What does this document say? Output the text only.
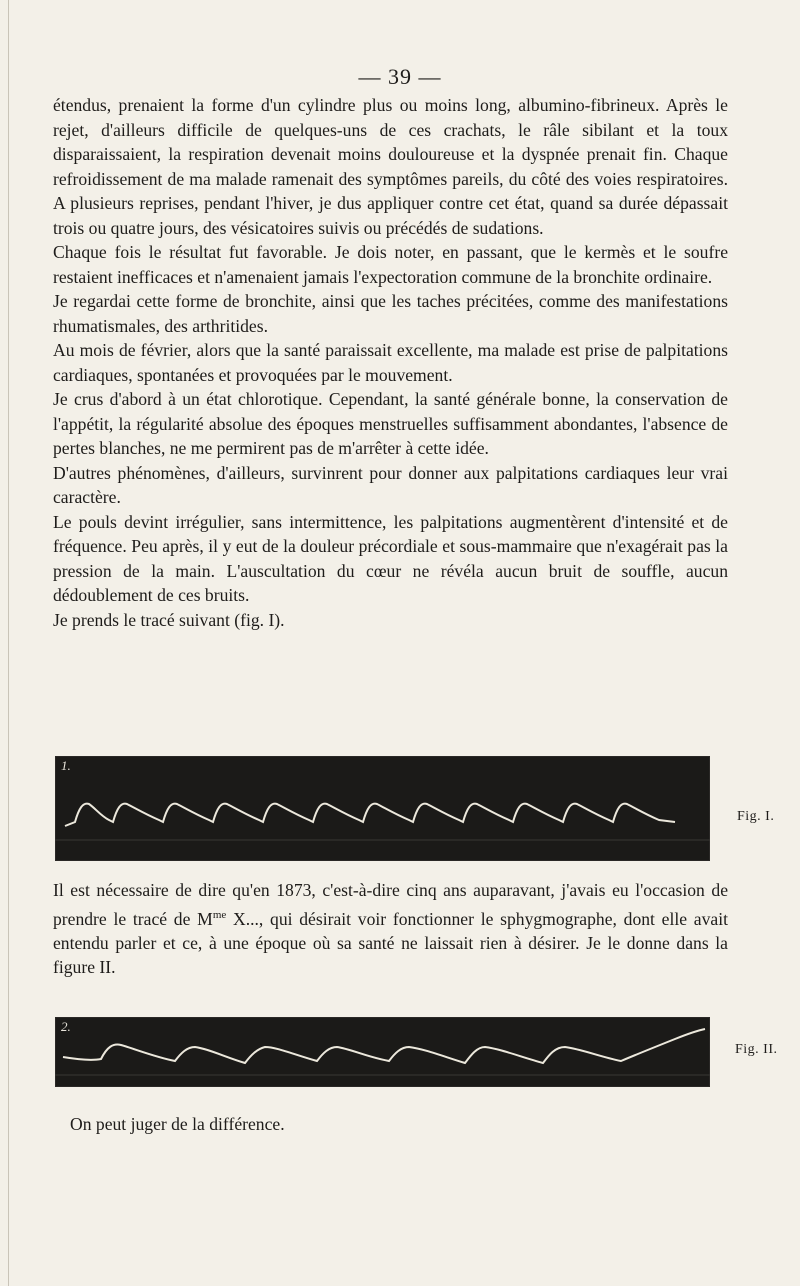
— 39 —

étendus, prenaient la forme d'un cylindre plus ou moins long, albumino-fibrineux. Après le rejet, d'ailleurs difficile de quelques-uns de ces crachats, le râle sibilant et la toux disparaissaient, la respiration devenait moins douloureuse et la dyspnée prenait fin. Chaque refroidissement de ma malade ramenait des symptômes pareils, du côté des voies respiratoires. A plusieurs reprises, pendant l'hiver, je dus appliquer contre cet état, quand sa durée dépassait trois ou quatre jours, des vésicatoires suivis ou précédés de sudations.

Chaque fois le résultat fut favorable. Je dois noter, en passant, que le kermès et le soufre restaient inefficaces et n'amenaient jamais l'expectoration commune de la bronchite ordinaire.

Je regardai cette forme de bronchite, ainsi que les taches précitées, comme des manifestations rhumatismales, des arthritides.

Au mois de février, alors que la santé paraissait excellente, ma malade est prise de palpitations cardiaques, spontanées et provoquées par le mouvement.

Je crus d'abord à un état chlorotique. Cependant, la santé générale bonne, la conservation de l'appétit, la régularité absolue des époques menstruelles suffisamment abondantes, l'absence de pertes blanches, ne me permirent pas de m'arrêter à cette idée.

D'autres phénomènes, d'ailleurs, survinrent pour donner aux palpitations cardiaques leur vrai caractère.

Le pouls devint irrégulier, sans intermittence, les palpitations augmentèrent d'intensité et de fréquence. Peu après, il y eut de la douleur précordiale et sous-mammaire que n'exagérait pas la pression de la main. L'auscultation du cœur ne révéla aucun bruit de souffle, aucun dédoublement de ces bruits.

Je prends le tracé suivant (fig. I).

1.
Fig. I.
Il est nécessaire de dire qu'en 1873, c'est-à-dire cinq ans auparavant, j'avais eu l'occasion de prendre le tracé de $M^{me}$ X..., qui désirait voir fonctionner le sphygmographe, dont elle avait entendu parler et ce, à une époque où sa santé ne laissait rien à désirer. Je le donne dans la figure II.
2.
Fig. II.
On peut juger de la différence.
